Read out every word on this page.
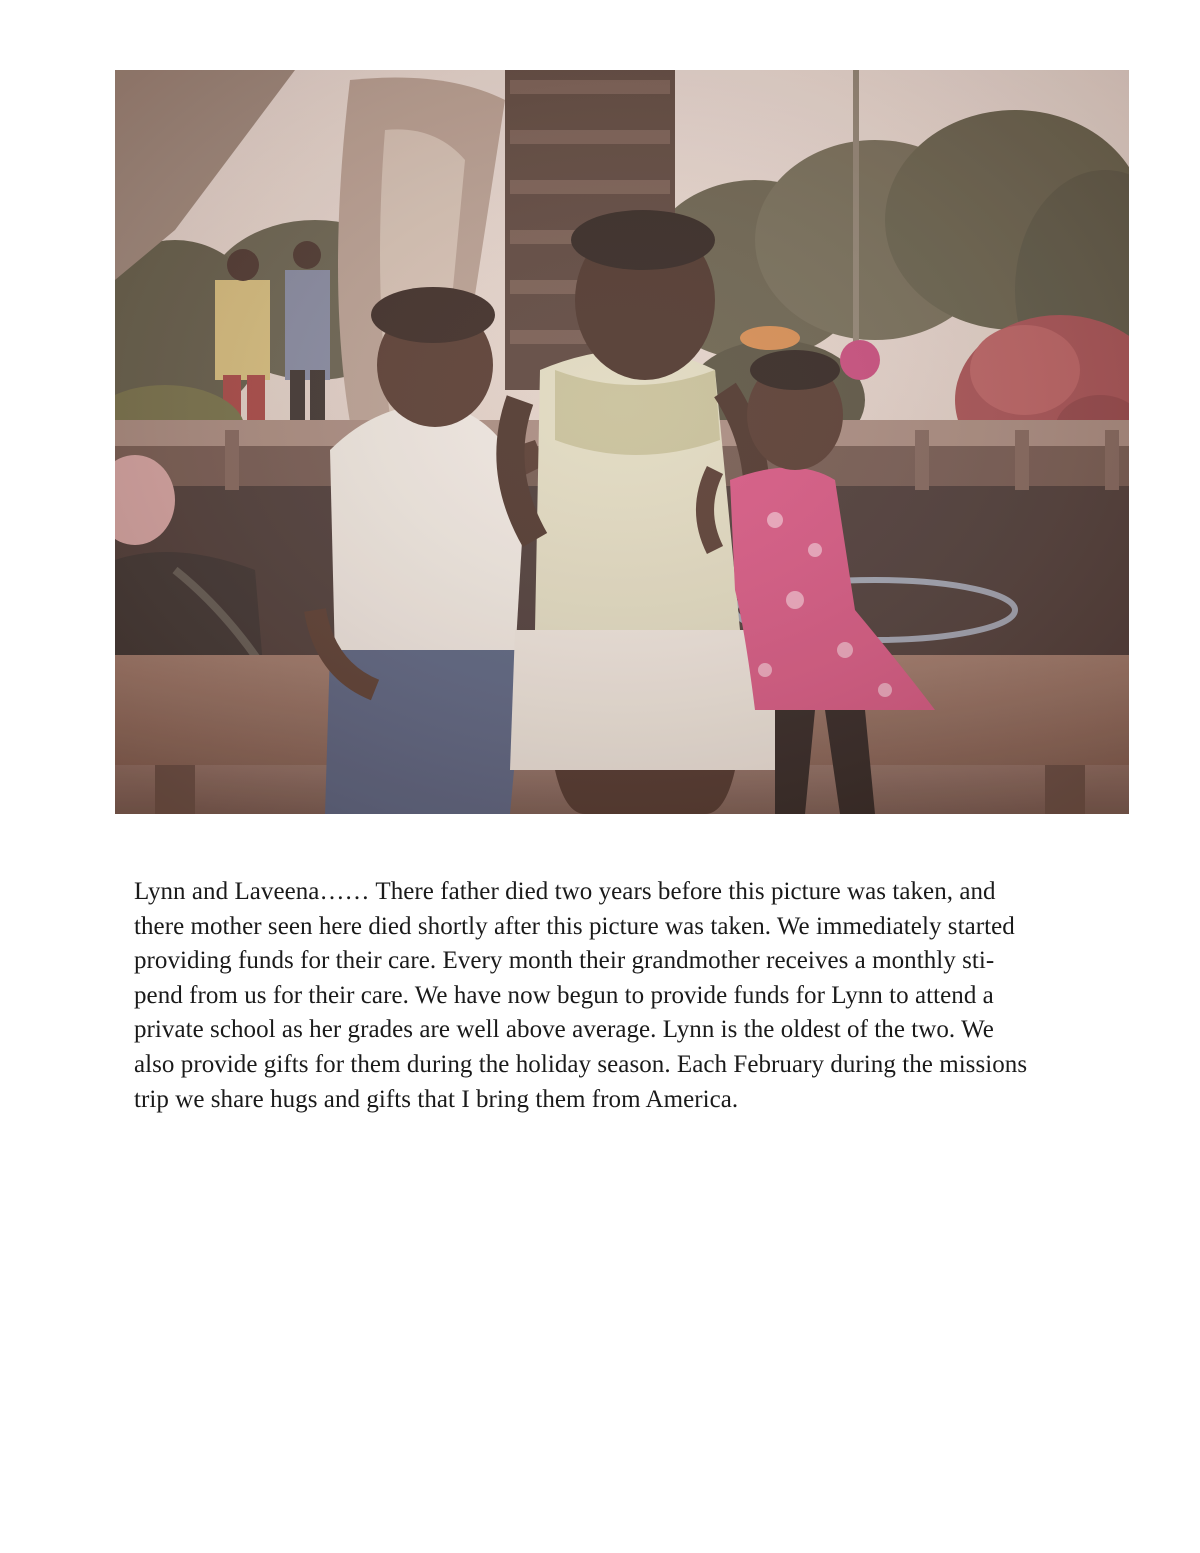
Lynn and Laveena…… There father died two years before this picture was taken, and
there mother seen here died shortly after this picture was taken. We immediately started
providing funds for their care. Every month their grandmother receives a monthly sti-
pend from us for their care. We have now begun to provide funds for Lynn to attend a
private school as her grades are well above average. Lynn is the oldest of the two. We
also provide gifts for them during the holiday season. Each February during the missions
trip we share hugs and gifts that I bring them from America.
